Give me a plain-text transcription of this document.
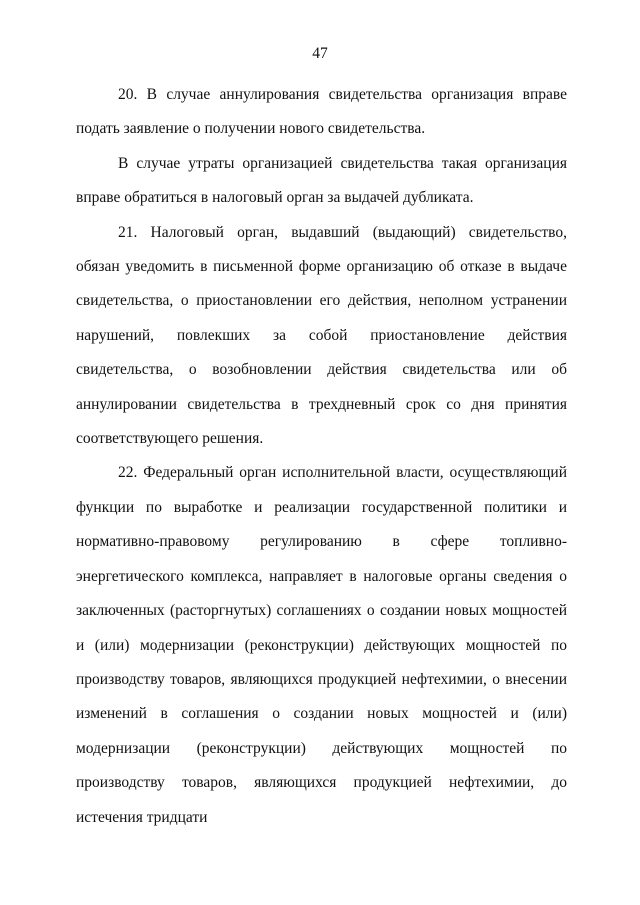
47

20. В случае аннулирования свидетельства организация вправе подать заявление о получении нового свидетельства.

В случае утраты организацией свидетельства такая организация вправе обратиться в налоговый орган за выдачей дубликата.

21. Налоговый орган, выдавший (выдающий) свидетельство, обязан уведомить в письменной форме организацию об отказе в выдаче свидетельства, о приостановлении его действия, неполном устранении нарушений, повлекших за собой приостановление действия свидетельства, о возобновлении действия свидетельства или об аннулировании свидетельства в трехдневный срок со дня принятия соответствующего решения.

22. Федеральный орган исполнительной власти, осуществляющий функции по выработке и реализации государственной политики и нормативно-правовому регулированию в сфере топливно-энергетического комплекса, направляет в налоговые органы сведения о заключенных (расторгнутых) соглашениях о создании новых мощностей и (или) модернизации (реконструкции) действующих мощностей по производству товаров, являющихся продукцией нефтехимии, о внесении изменений в соглашения о создании новых мощностей и (или) модернизации (реконструкции) действующих мощностей по производству товаров, являющихся продукцией нефтехимии, до истечения тридцати
